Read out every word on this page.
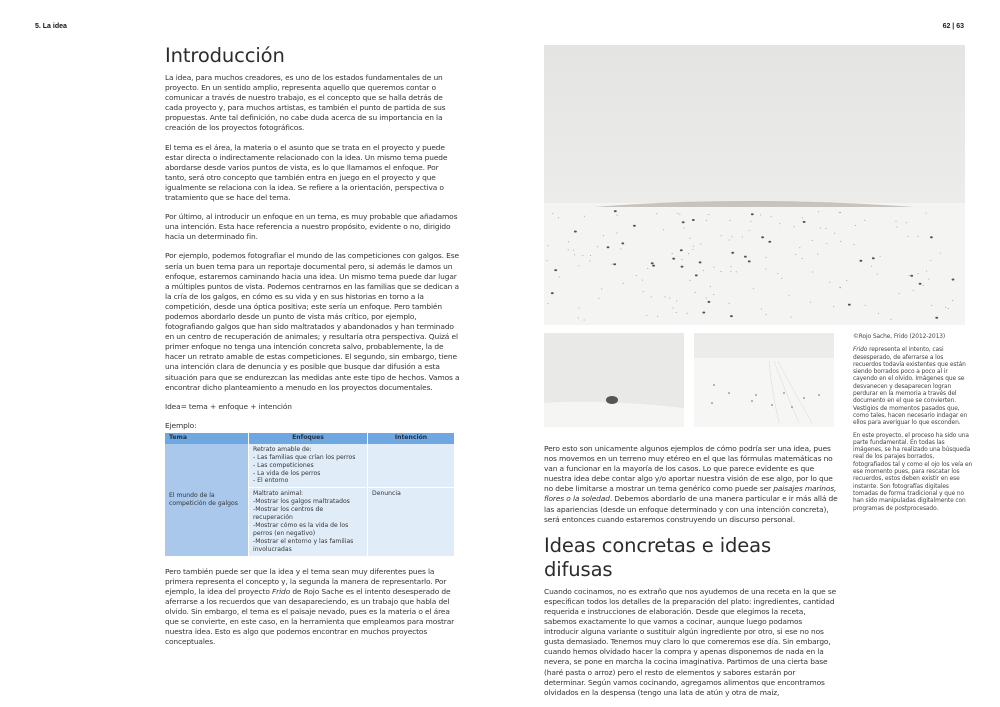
5. La idea	62 | 63
Introducción

La idea, para muchos creadores, es uno de los estados fundamentales de un proyecto. En un sentido amplio, representa aquello que queremos contar o comunicar a través de nuestro trabajo, es el concepto que se halla detrás de cada proyecto y, para muchos artistas, es también el punto de partida de sus propuestas. Ante tal definición, no cabe duda acerca de su importancia en la creación de los proyectos fotográficos.

El tema es el área, la materia o el asunto que se trata en el proyecto y puede estar directa o indirectamente relacionado con la idea. Un mismo tema puede abordarse desde varios puntos de vista, es lo que llamamos el enfoque. Por tanto, será otro concepto que también entra en juego en el proyecto y que igualmente se relaciona con la idea. Se refiere a la orientación, perspectiva o tratamiento que se hace del tema.

Por último, al introducir un enfoque en un tema, es muy probable que añadamos una intención. Esta hace referencia a nuestro propósito, evidente o no, dirigido hacia un determinado fin.

Por ejemplo, podemos fotografiar el mundo de las competiciones con galgos. Ese sería un buen tema para un reportaje documental pero, si además le damos un enfoque, estaremos caminando hacia una idea. Un mismo tema puede dar lugar a múltiples puntos de vista. Podemos centrarnos en las familias que se dedican a la cría de los galgos, en cómo es su vida y en sus historias en torno a la competición, desde una óptica positiva; este sería un enfoque. Pero también podemos abordarlo desde un punto de vista más crítico, por ejemplo, fotografiando galgos que han sido maltratados y abandonados y han terminado en un centro de recuperación de animales; y resultaría otra perspectiva. Quizá el primer enfoque no tenga una intención concreta salvo, probablemente, la de hacer un retrato amable de estas competiciones. El segundo, sin embargo, tiene una intención clara de denuncia y es posible que busque dar difusión a esta situación para que se endurezcan las medidas ante este tipo de hechos. Vamos a encontrar dicho planteamiento a menudo en los proyectos documentales.

Idea= tema + enfoque + intención

Ejemplo:

Tema	Enfoques	Intención
El mundo de la competición de galgos	Retrato amable de:
- Las familias que crían los perros
- Las competiciones
- La vida de los perros
- El entorno	

	Maltrato animal:
-Mostrar los galgos maltratados
-Mostrar los centros de recuperación
-Mostrar cómo es la vida de los perros (en negativo)
-Mostrar el entorno y las familias involucradas	Denuncia

Pero también puede ser que la idea y el tema sean muy diferentes pues la primera representa el concepto y, la segunda la manera de representarlo. Por ejemplo, la idea del proyecto Frido de Rojo Sache es el intento desesperado de aferrarse a los recuerdos que van desapareciendo, es un trabajo que habla del olvido. Sin embargo, el tema es el paisaje nevado, pues es la materia o el área que se convierte, en este caso, en la herramienta que empleamos para mostrar nuestra idea. Esto es algo que podemos encontrar en muchos proyectos conceptuales.

©Rojo Sache, Frido (2012-2013)

Frido representa el intento, casi desesperado, de aferrarse a los recuerdos todavía existentes que están siendo borrados poco a poco al ir cayendo en el olvido. Imágenes que se desvanecen y desaparecen logran perdurar en la memoria a través del documento en el que se convierten. Vestigios de momentos pasados que, como tales, hacen necesario indagar en ellos para averiguar lo que esconden.

En este proyecto, el proceso ha sido una parte fundamental. En todas las imágenes, se ha realizado una búsqueda real de los parajes borrados, fotografiados tal y como el ojo los veía en ese momento pues, para rescatar los recuerdos, estos deben existir en ese instante. Son fotografías digitales tomadas de forma tradicional y que no han sido manipuladas digitalmente con programas de postprocesado.

Pero esto son unicamente algunos ejemplos de cómo podría ser una idea, pues nos movemos en un terreno muy etéreo en el que las fórmulas matemáticas no van a funcionar en la mayoría de los casos. Lo que parece evidente es que nuestra idea debe contar algo y/o aportar nuestra visión de ese algo, por lo que no debe limitarse a mostrar un tema genérico como puede ser paisajes marinos, flores o la soledad. Debemos abordarlo de una manera particular e ir más allá de las apariencias (desde un enfoque determinado y con una intención concreta), será entonces cuando estaremos construyendo un discurso personal.

Ideas concretas e ideas difusas

Cuando cocinamos, no es extraño que nos ayudemos de una receta en la que se especifican todos los detalles de la preparación del plato: ingredientes, cantidad requerida e instrucciones de elaboración. Desde que elegimos la receta, sabemos exactamente lo que vamos a cocinar, aunque luego podamos introducir alguna variante o sustituir algún ingrediente por otro, si ese no nos gusta demasiado. Tenemos muy claro lo que comeremos ese día. Sin embargo, cuando hemos olvidado hacer la compra y apenas disponemos de nada en la nevera, se pone en marcha la cocina imaginativa. Partimos de una cierta base (haré pasta o arroz) pero el resto de elementos y sabores estarán por determinar. Según vamos cocinando, agregamos alimentos que encontramos olvidados en la despensa (tengo una lata de atún y otra de maíz,
